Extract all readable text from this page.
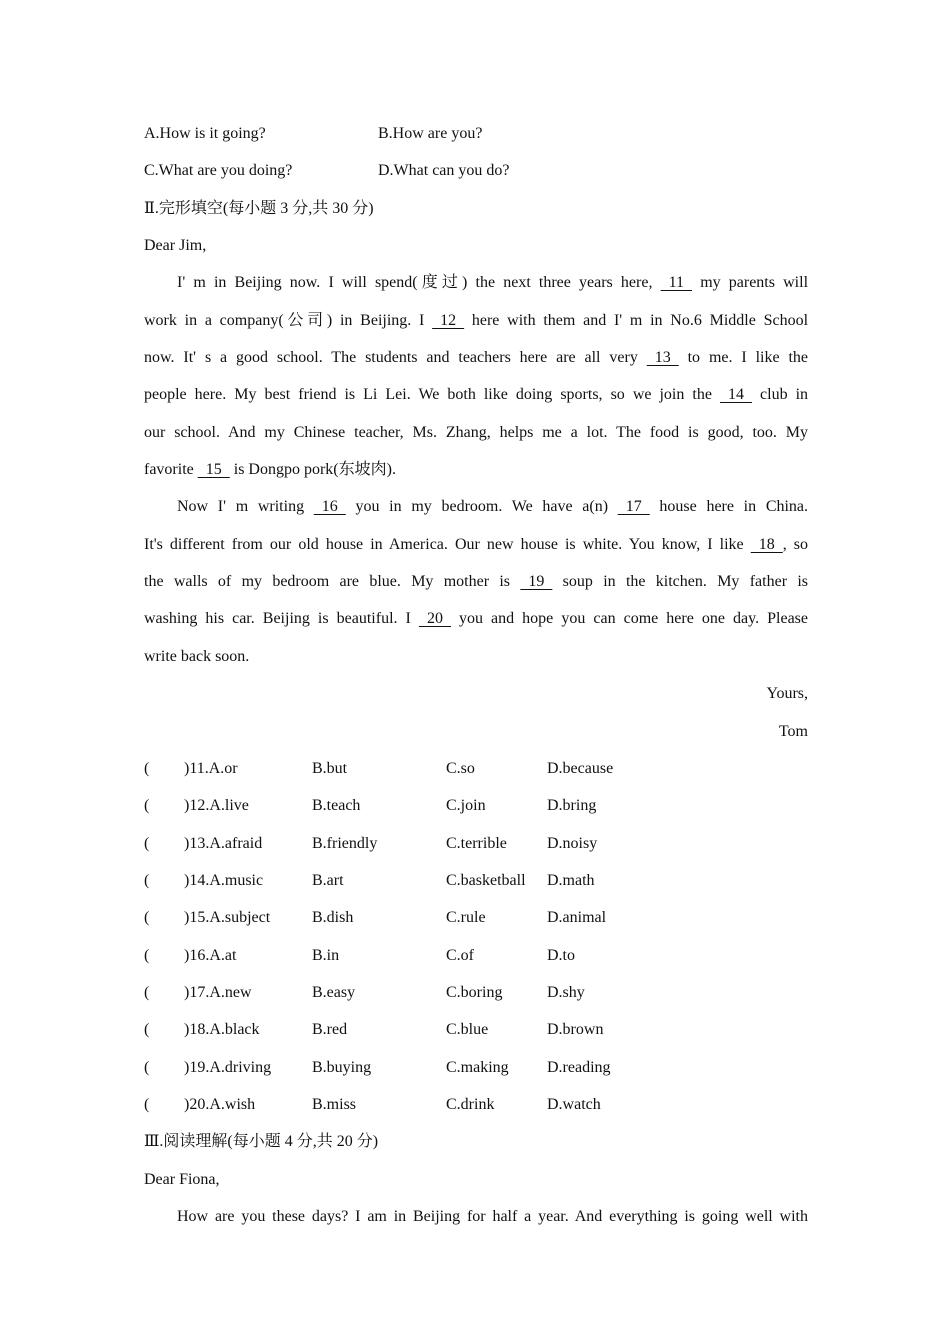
A.How is it going?	B.How are you?
C.What are you doing?	D.What can you do?
Ⅱ.完形填空(每小题 3 分,共 30 分)
Dear Jim,
I' m in Beijing now. I will spend(度过) the next three years here,   11   my parents will
work in a company(公司) in Beijing. I   12   here with them and I' m in No.6 Middle School
now. It' s a good school. The students and teachers here are all very   13   to me. I like the
people here. My best friend is Li Lei. We both like doing sports, so we join the   14   club in
our school. And my Chinese teacher, Ms. Zhang, helps me a lot. The food is good, too. My
favorite   15   is Dongpo pork(东坡肉).
Now I' m writing   16   you in my bedroom. We have a(n)   17   house here in China.
It's different from our old house in America. Our new house is white. You know, I like   18  , so
the walls of my bedroom are blue. My mother is   19   soup in the kitchen. My father is
washing his car. Beijing is beautiful. I   20   you and hope you can come here one day. Please
write back soon.
Yours,
Tom
(	)11.A.or	B.but	C.so	D.because
(	)12.A.live	B.teach	C.join	D.bring
(	)13.A.afraid	B.friendly	C.terrible	D.noisy
(	)14.A.music	B.art	C.basketball	D.math
(	)15.A.subject	B.dish	C.rule	D.animal
(	)16.A.at	B.in	C.of	D.to
(	)17.A.new	B.easy	C.boring	D.shy
(	)18.A.black	B.red	C.blue	D.brown
(	)19.A.driving	B.buying	C.making	D.reading
(	)20.A.wish	B.miss	C.drink	D.watch
Ⅲ.阅读理解(每小题 4 分,共 20 分)
Dear Fiona,
How are you these days? I am in Beijing for half a year. And everything is going well with
